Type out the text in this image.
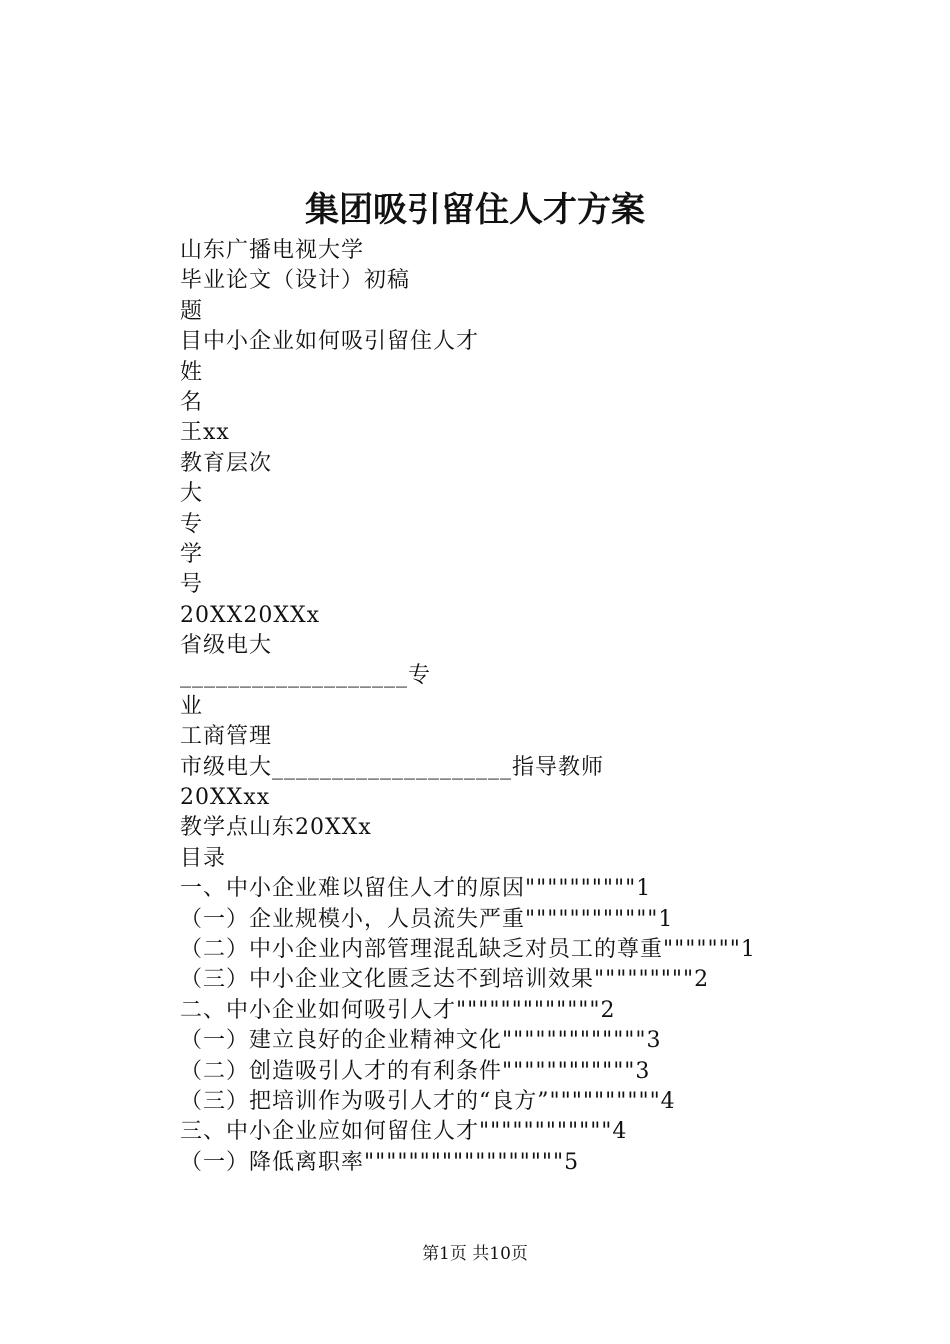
集团吸引留住人才方案
山东广播电视大学
毕业论文（设计）初稿
题
目中小企业如何吸引留住人才
姓
名
王xx
教育层次
大
专
学
号
20XX20XXx
省级电大
___________________专
业
工商管理
市级电大____________________指导教师
20XXxx
教学点山东20XXx
目录
一、中小企业难以留住人才的原因""""""""""1
（一）企业规模小，人员流失严重""""""""""""1
（二）中小企业内部管理混乱缺乏对员工的尊重"""""""1
（三）中小企业文化匮乏达不到培训效果"""""""""2
二、中小企业如何吸引人才"""""""""""""2
（一）建立良好的企业精神文化"""""""""""""3
（二）创造吸引人才的有利条件""""""""""""3
（三）把培训作为吸引人才的“良方”""""""""""4
三、中小企业应如何留住人才""""""""""""4
（一）降低离职率""""""""""""""""""5
第1页 共10页
